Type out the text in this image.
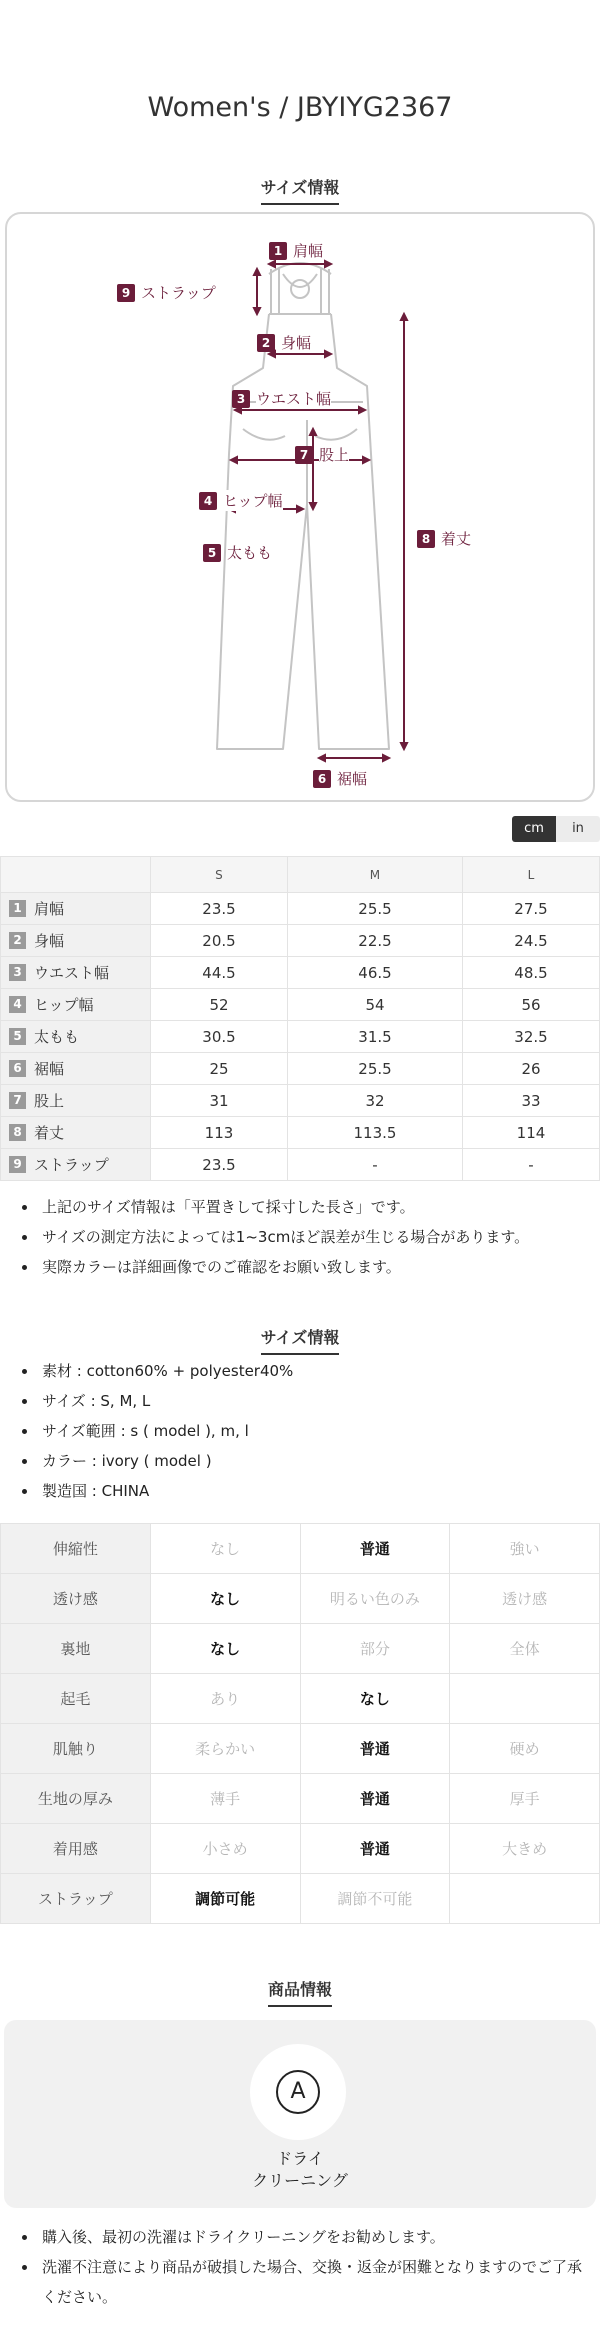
Women's / JBYIYG2367
サイズ情報
1 肩幅
9 ストラップ
2 身幅
3 ウエスト幅
7 股上
4 ヒップ幅
5 太もも
8 着丈
6 裾幅
cm	in
	S	M	L
1 肩幅	23.5	25.5	27.5
2 身幅	20.5	22.5	24.5
3 ウエスト幅	44.5	46.5	48.5
4 ヒップ幅	52	54	56
5 太もも	30.5	31.5	32.5
6 裾幅	25	25.5	26
7 股上	31	32	33
8 着丈	113	113.5	114
9 ストラップ	23.5	-	-
上記のサイズ情報は「平置きして採寸した長さ」です。
サイズの測定方法によっては1~3cmほど誤差が生じる場合があります。
実際カラーは詳細画像でのご確認をお願い致します。
サイズ情報
素材 : cotton60% + polyester40%
サイズ : S, M, L
サイズ範囲 : s ( model ), m, l
カラー : ivory ( model )
製造国 : CHINA
伸縮性	なし	普通	強い
透け感	なし	明るい色のみ	透け感
裏地	なし	部分	全体
起毛	あり	なし	
肌触り	柔らかい	普通	硬め
生地の厚み	薄手	普通	厚手
着用感	小さめ	普通	大きめ
ストラップ	調節可能	調節不可能	
商品情報
A
ドライ
クリーニング
購入後、最初の洗濯はドライクリーニングをお勧めします。
洗濯不注意により商品が破損した場合、交換・返金が困難となりますのでご了承ください。
